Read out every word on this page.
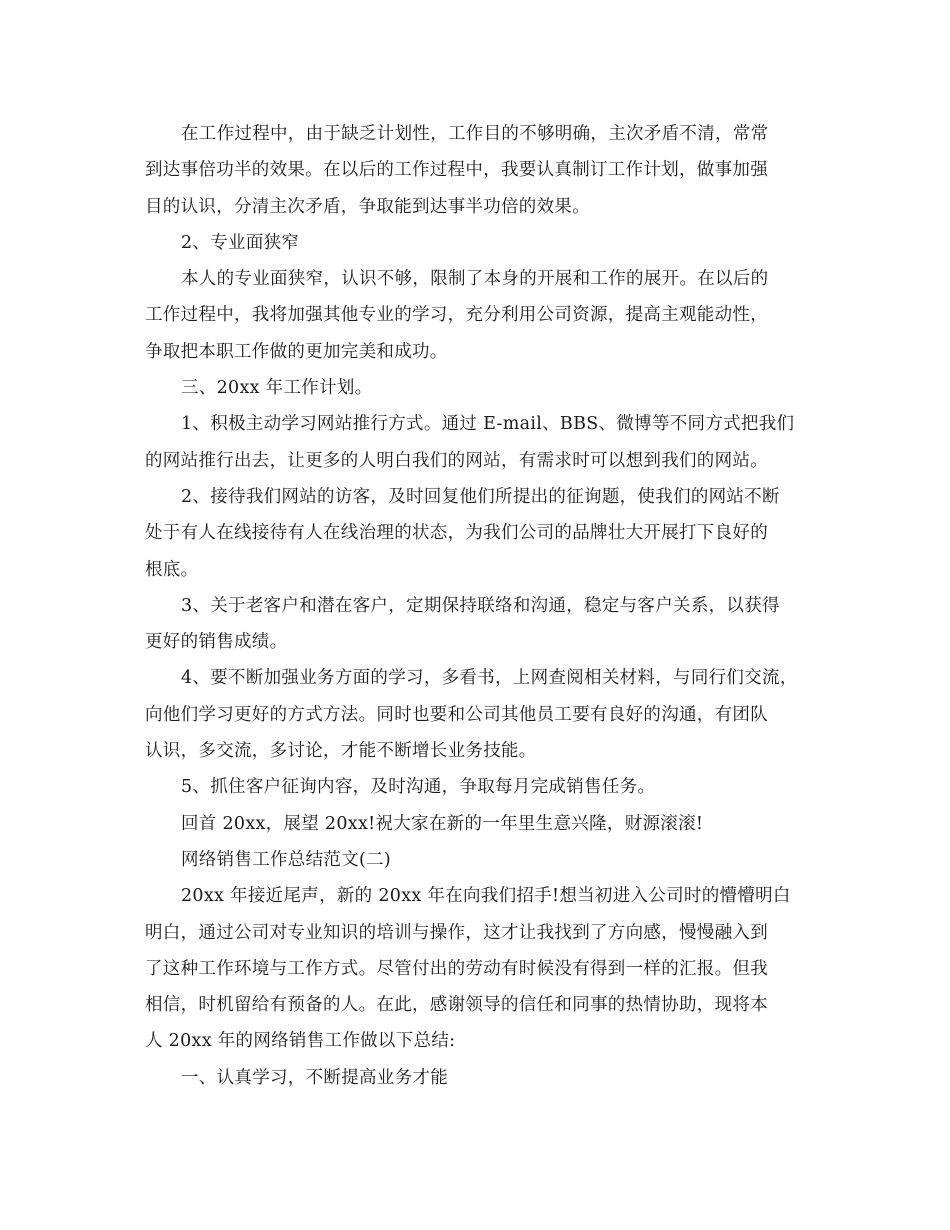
在工作过程中，由于缺乏计划性，工作目的不够明确，主次矛盾不清，常常
到达事倍功半的效果。在以后的工作过程中，我要认真制订工作计划，做事加强
目的认识，分清主次矛盾，争取能到达事半功倍的效果。
2、专业面狭窄
本人的专业面狭窄，认识不够，限制了本身的开展和工作的展开。在以后的
工作过程中，我将加强其他专业的学习，充分利用公司资源，提高主观能动性，
争取把本职工作做的更加完美和成功。
三、20xx 年工作计划。
1、积极主动学习网站推行方式。通过 E-mail、BBS、微博等不同方式把我们
的网站推行出去，让更多的人明白我们的网站，有需求时可以想到我们的网站。
2、接待我们网站的访客，及时回复他们所提出的征询题，使我们的网站不断
处于有人在线接待有人在线治理的状态，为我们公司的品牌壮大开展打下良好的
根底。
3、关于老客户和潜在客户，定期保持联络和沟通，稳定与客户关系，以获得
更好的销售成绩。
4、要不断加强业务方面的学习，多看书，上网查阅相关材料，与同行们交流，
向他们学习更好的方式方法。同时也要和公司其他员工要有良好的沟通，有团队
认识，多交流，多讨论，才能不断增长业务技能。
5、抓住客户征询内容，及时沟通，争取每月完成销售任务。
回首 20xx，展望 20xx!祝大家在新的一年里生意兴隆，财源滚滚!
网络销售工作总结范文(二)
20xx 年接近尾声，新的 20xx 年在向我们招手!想当初进入公司时的懵懵明白
明白，通过公司对专业知识的培训与操作，这才让我找到了方向感，慢慢融入到
了这种工作环境与工作方式。尽管付出的劳动有时候没有得到一样的汇报。但我
相信，时机留给有预备的人。在此，感谢领导的信任和同事的热情协助，现将本
人 20xx 年的网络销售工作做以下总结:
一、认真学习，不断提高业务才能
